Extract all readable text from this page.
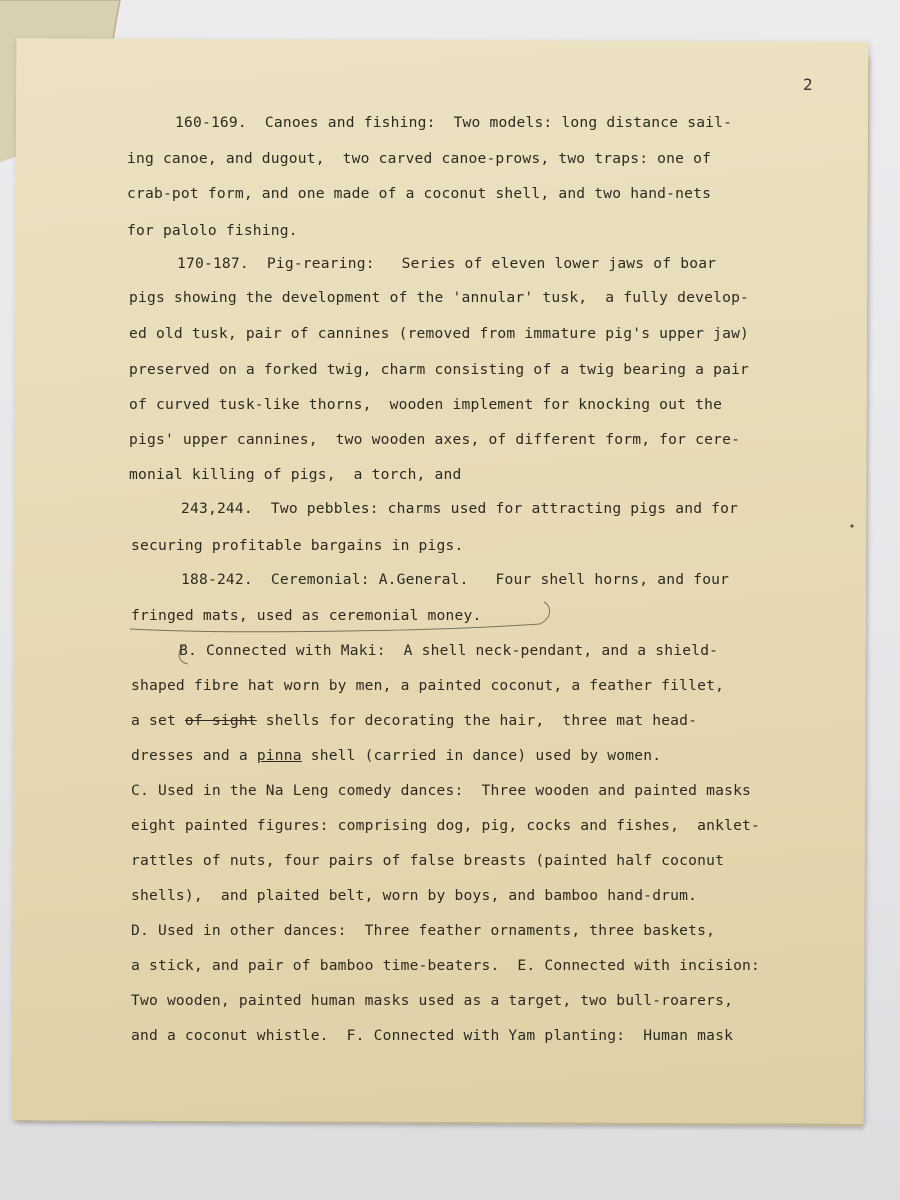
2
160-169.  Canoes and fishing:  Two models: long distance sail-
ing canoe, and dugout,  two carved canoe-prows, two traps: one of
crab-pot form, and one made of a coconut shell, and two hand-nets
for palolo fishing.
170-187.  Pig-rearing:   Series of eleven lower jaws of boar
pigs showing the development of the 'annular' tusk,  a fully develop-
ed old tusk, pair of cannines (removed from immature pig's upper jaw)
preserved on a forked twig, charm consisting of a twig bearing a pair
of curved tusk-like thorns,  wooden implement for knocking out the
pigs' upper cannines,  two wooden axes, of different form, for cere-
monial killing of pigs,  a torch, and
243,244.  Two pebbles: charms used for attracting pigs and for
securing profitable bargains in pigs.
188-242.  Ceremonial: A.General.   Four shell horns, and four
fringed mats, used as ceremonial money.
B. Connected with Maki:  A shell neck-pendant, and a shield-
shaped fibre hat worn by men, a painted coconut, a feather fillet,
a set of sight shells for decorating the hair,  three mat head-
dresses and a pinna shell (carried in dance) used by women.
C. Used in the Na Leng comedy dances:  Three wooden and painted masks
eight painted figures: comprising dog, pig, cocks and fishes,  anklet-
rattles of nuts, four pairs of false breasts (painted half coconut
shells),  and plaited belt, worn by boys, and bamboo hand-drum.
D. Used in other dances:  Three feather ornaments, three baskets,
a stick, and pair of bamboo time-beaters.  E. Connected with incision:
Two wooden, painted human masks used as a target, two bull-roarers,
and a coconut whistle.  F. Connected with Yam planting:  Human mask
